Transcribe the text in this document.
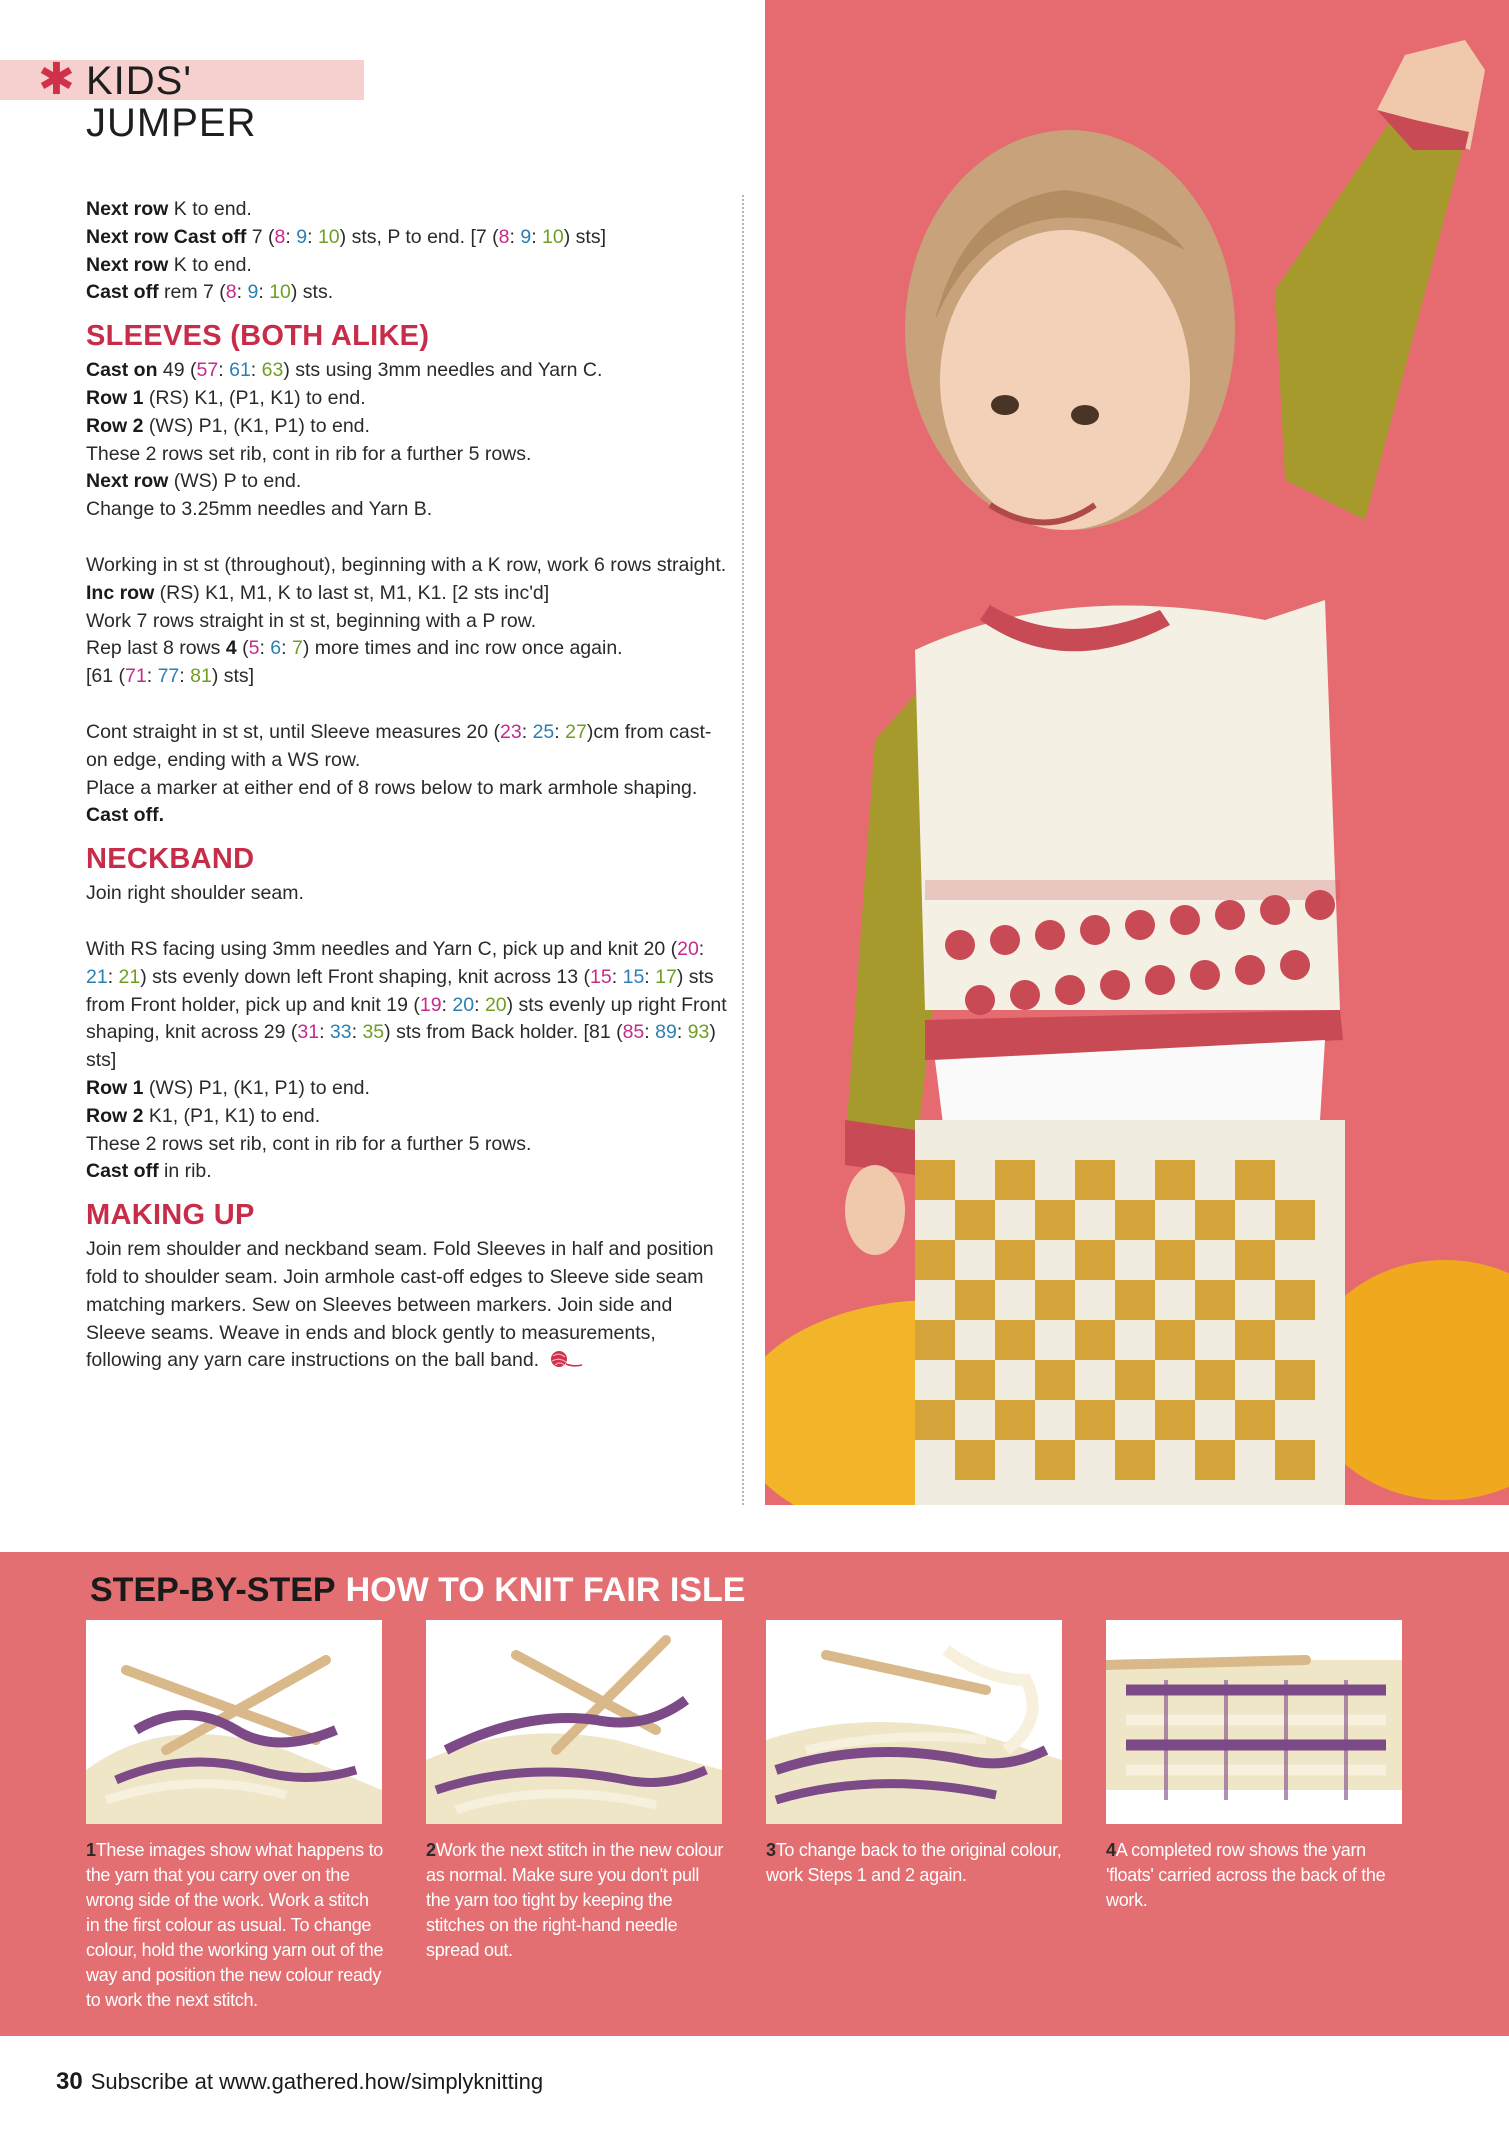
✱ KIDS' JUMPER

Next row K to end.

Next row Cast off 7 (8: 9: 10) sts, P to end. [7 (8: 9: 10) sts]

Next row K to end.

Cast off rem 7 (8: 9: 10) sts.

SLEEVES (BOTH ALIKE)

Cast on 49 (57: 61: 63) sts using 3mm needles and Yarn C.

Row 1 (RS) K1, (P1, K1) to end.

Row 2 (WS) P1, (K1, P1) to end.

These 2 rows set rib, cont in rib for a further 5 rows.

Next row (WS) P to end.

Change to 3.25mm needles and Yarn B.

Working in st st (throughout), beginning with a K row, work 6 rows straight.

Inc row (RS) K1, M1, K to last st, M1, K1. [2 sts inc'd]

Work 7 rows straight in st st, beginning with a P row.

Rep last 8 rows 4 (5: 6: 7) more times and inc row once again.

[61 (71: 77: 81) sts]

Cont straight in st st, until Sleeve measures 20 (23: 25: 27)cm from cast-on edge, ending with a WS row.

Place a marker at either end of 8 rows below to mark armhole shaping.

Cast off.

NECKBAND

Join right shoulder seam.

With RS facing using 3mm needles and Yarn C, pick up and knit 20 (20: 21: 21) sts evenly down left Front shaping, knit across 13 (15: 15: 17) sts from Front holder, pick up and knit 19 (19: 20: 20) sts evenly up right Front shaping, knit across 29 (31: 33: 35) sts from Back holder. [81 (85: 89: 93) sts]

Row 1 (WS) P1, (K1, P1) to end.

Row 2 K1, (P1, K1) to end.

These 2 rows set rib, cont in rib for a further 5 rows.

Cast off in rib.

MAKING UP

Join rem shoulder and neckband seam. Fold Sleeves in half and position fold to shoulder seam. Join armhole cast-off edges to Sleeve side seam matching markers. Sew on Sleeves between markers. Join side and Sleeve seams. Weave in ends and block gently to measurements, following any yarn care instructions on the ball band.

STEP-BY-STEP HOW TO KNIT FAIR ISLE
1These images show what happens to the yarn that you carry over on the wrong side of the work. Work a stitch in the first colour as usual. To change colour, hold the working yarn out of the way and position the new colour ready to work the next stitch.
2Work the next stitch in the new colour as normal. Make sure you don't pull the yarn too tight by keeping the stitches on the right-hand needle spread out.
3To change back to the original colour, work Steps 1 and 2 again.
4A completed row shows the yarn 'floats' carried across the back of the work.
30 Subscribe at www.gathered.how/simplyknitting
